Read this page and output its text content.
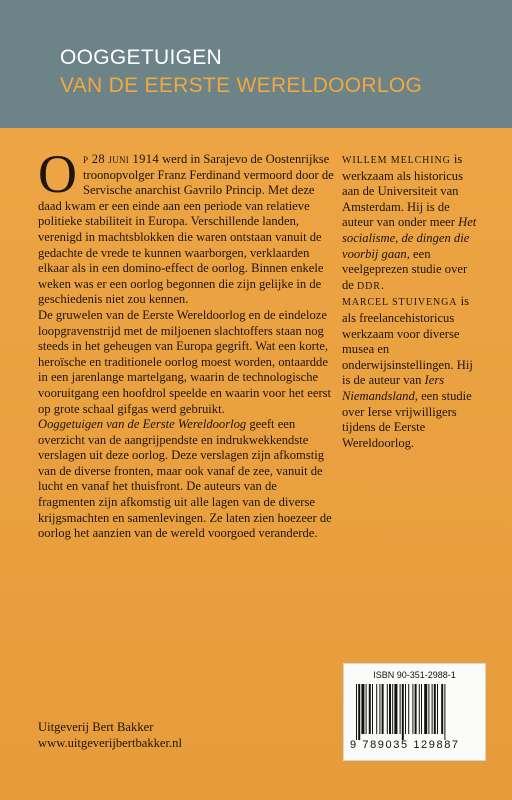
OOGGETUIGEN
VAN DE EERSTE WERELDOORLOG

Op 28 juni 1914 werd in Sarajevo de Oostenrijkse troonopvolger Franz Ferdinand vermoord door de Servische anarchist Gavrilo Princip. Met deze daad kwam er een einde aan een periode van relatieve politieke stabiliteit in Europa. Verschillende landen, verenigd in machtsblokken die waren ontstaan vanuit de gedachte de vrede te kunnen waarborgen, verklaarden elkaar als in een domino-effect de oorlog. Binnen enkele weken was er een oorlog begonnen die zijn gelijke in de geschiedenis niet zou kennen.

De gruwelen van de Eerste Wereldoorlog en de eindeloze loopgravenstrijd met de miljoenen slachtoffers staan nog steeds in het geheugen van Europa gegrift. Wat een korte, heroïsche en traditionele oorlog moest worden, ontaardde in een jarenlange martelgang, waarin de technologische vooruitgang een hoofdrol speelde en waarin voor het eerst op grote schaal gifgas werd gebruikt.

Ooggetuigen van de Eerste Wereldoorlog geeft een overzicht van de aangrijpendste en indrukwekkendste verslagen uit deze oorlog. Deze verslagen zijn afkomstig van de diverse fronten, maar ook vanaf de zee, vanuit de lucht en vanaf het thuisfront. De auteurs van de fragmenten zijn afkomstig uit alle lagen van de diverse krijgsmachten en samenlevingen. Ze laten zien hoezeer de oorlog het aanzien van de wereld voorgoed veranderde.

WILLEM MELCHING is werkzaam als historicus aan de Universiteit van Amsterdam. Hij is de auteur van onder meer Het socialisme, de dingen die voorbij gaan, een veelgeprezen studie over de DDR.

MARCEL STUIVENGA is als freelancehistoricus werkzaam voor diverse musea en onderwijsinstellingen. Hij is de auteur van Iers Niemandsland, een studie over Ierse vrijwilligers tijdens de Eerste Wereldoorlog.

ISBN 90-351-2988-1
9 789035 129887
Uitgeverij Bert Bakker
www.uitgeverijbertbakker.nl
